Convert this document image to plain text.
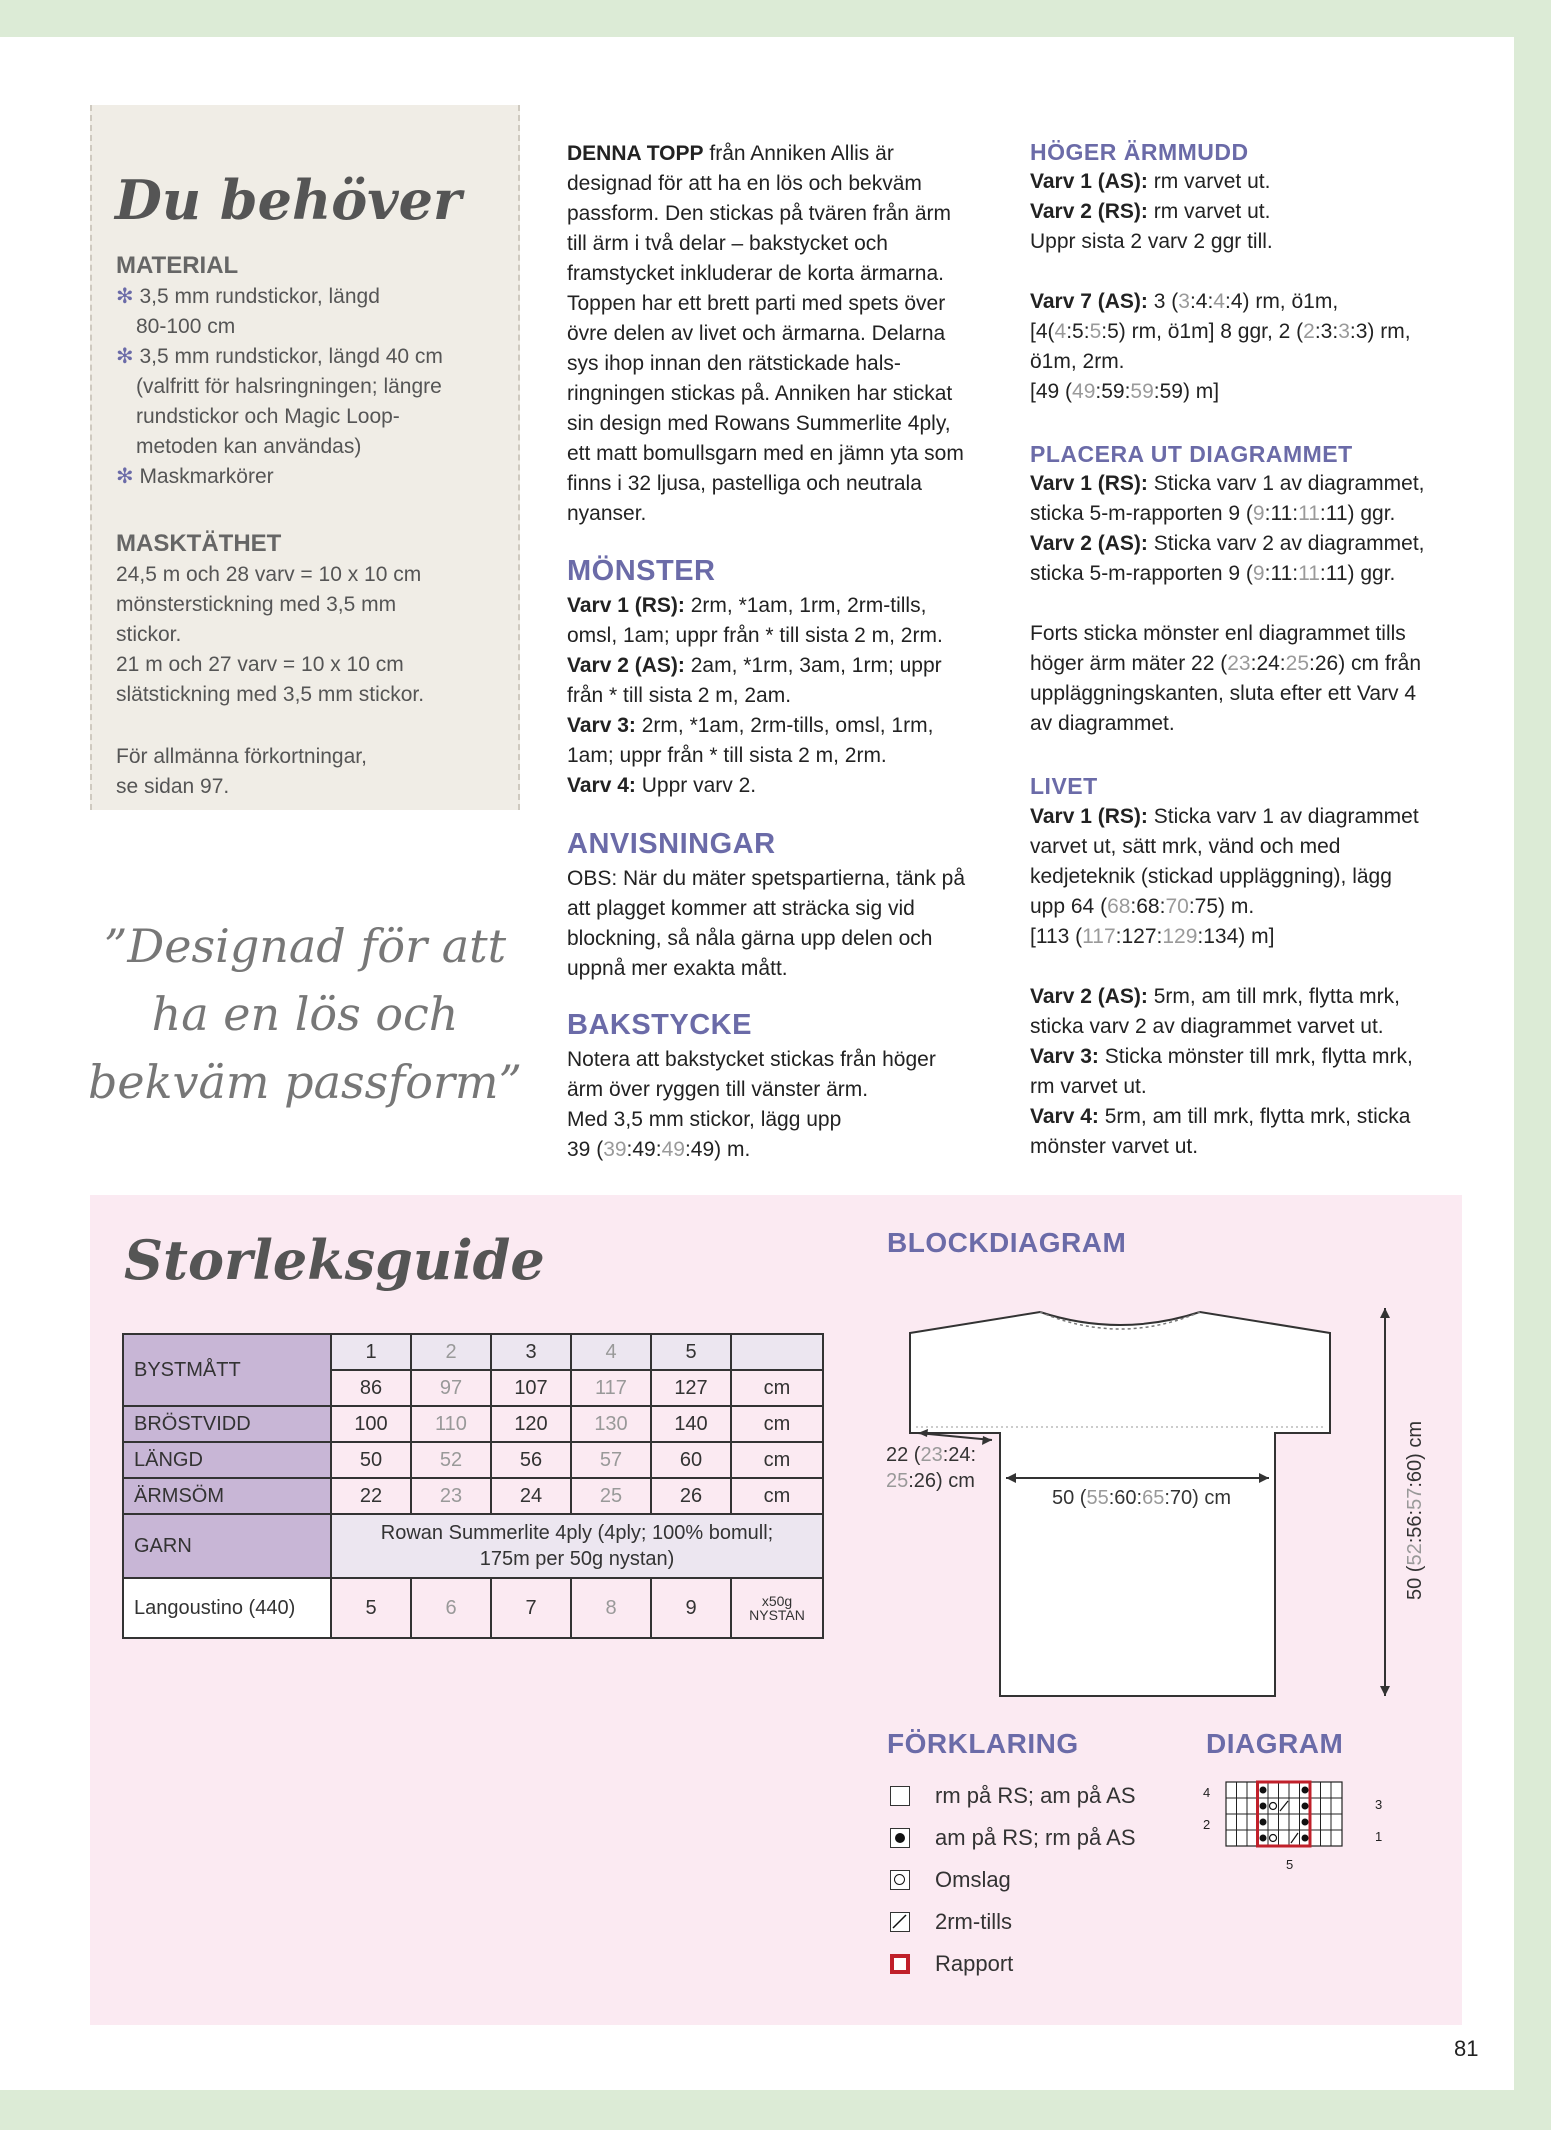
Du behöver
MATERIAL
✻ 3,5 mm rundstickor, längd
80-100 cm
✻ 3,5 mm rundstickor, längd 40 cm
(valfritt för halsringningen; längre
rundstickor och Magic Loop-
metoden kan användas)
✻ Maskmarkörer
MASKTÄTHET
24,5 m och 28 varv = 10 x 10 cm
mönsterstickning med 3,5 mm
stickor.
21 m och 27 varv = 10 x 10 cm
slätstickning med 3,5 mm stickor.
För allmänna förkortningar,
se sidan 97.
”Designad för att
ha en lös och
bekväm passform”
DENNA TOPP från Anniken Allis är
designad för att ha en lös och bekväm
passform. Den stickas på tvären från ärm
till ärm i två delar – bakstycket och
framstycket inkluderar de korta ärmarna.
Toppen har ett brett parti med spets över
övre delen av livet och ärmarna. Delarna
sys ihop innan den rätstickade hals-
ringningen stickas på. Anniken har stickat
sin design med Rowans Summerlite 4ply,
ett matt bomullsgarn med en jämn yta som
finns i 32 ljusa, pastelliga och neutrala
nyanser.
MÖNSTER
Varv 1 (RS): 2rm, *1am, 1rm, 2rm-tills,
omsl, 1am; uppr från * till sista 2 m, 2rm.
Varv 2 (AS): 2am, *1rm, 3am, 1rm; uppr
från * till sista 2 m, 2am.
Varv 3: 2rm, *1am, 2rm-tills, omsl, 1rm,
1am; uppr från * till sista 2 m, 2rm.
Varv 4: Uppr varv 2.
ANVISNINGAR
OBS: När du mäter spetspartierna, tänk på
att plagget kommer att sträcka sig vid
blockning, så nåla gärna upp delen och
uppnå mer exakta mått.
BAKSTYCKE
Notera att bakstycket stickas från höger
ärm över ryggen till vänster ärm.
Med 3,5 mm stickor, lägg upp
39 (39:49:49:49) m.
HÖGER ÄRMMUDD
Varv 1 (AS): rm varvet ut.
Varv 2 (RS): rm varvet ut.
Uppr sista 2 varv 2 ggr till.
Varv 7 (AS): 3 (3:4:4:4) rm, ö1m,
[4(4:5:5:5) rm, ö1m] 8 ggr, 2 (2:3:3:3) rm,
ö1m, 2rm.
[49 (49:59:59:59) m]
PLACERA UT DIAGRAMMET
Varv 1 (RS): Sticka varv 1 av diagrammet,
sticka 5-m-rapporten 9 (9:11:11:11) ggr.
Varv 2 (AS): Sticka varv 2 av diagrammet,
sticka 5-m-rapporten 9 (9:11:11:11) ggr.
Forts sticka mönster enl diagrammet tills
höger ärm mäter 22 (23:24:25:26) cm från
uppläggningskanten, sluta efter ett Varv 4
av diagrammet.
LIVET
Varv 1 (RS): Sticka varv 1 av diagrammet
varvet ut, sätt mrk, vänd och med
kedjeteknik (stickad uppläggning), lägg
upp 64 (68:68:70:75) m.
[113 (117:127:129:134) m]
Varv 2 (AS): 5rm, am till mrk, flytta mrk,
sticka varv 2 av diagrammet varvet ut.
Varv 3: Sticka mönster till mrk, flytta mrk,
rm varvet ut.
Varv 4: 5rm, am till mrk, flytta mrk, sticka
mönster varvet ut.
Storleksguide
BYSTMÅTT	1	2	3	4	5	
	86	97	107	117	127	cm
BRÖSTVIDD	100	110	120	130	140	cm
LÄNGD	50	52	56	57	60	cm
ÄRMSÖM	22	23	24	25	26	cm
GARN	Rowan Summerlite 4ply (4ply; 100% bomull;
175m per 50g nystan)					

Langoustino (440)	5	6	7	8	9	x50g
NYSTAN
BLOCKDIAGRAM
22 (23:24:
25:26) cm
50 (55:60:65:70) cm
50 (52:56:57:60) cm
FÖRKLARING
rm på RS; am på AS
am på RS; rm på AS
Omslag
2rm-tills
Rapport
DIAGRAM
4
3
2
1
5
81
